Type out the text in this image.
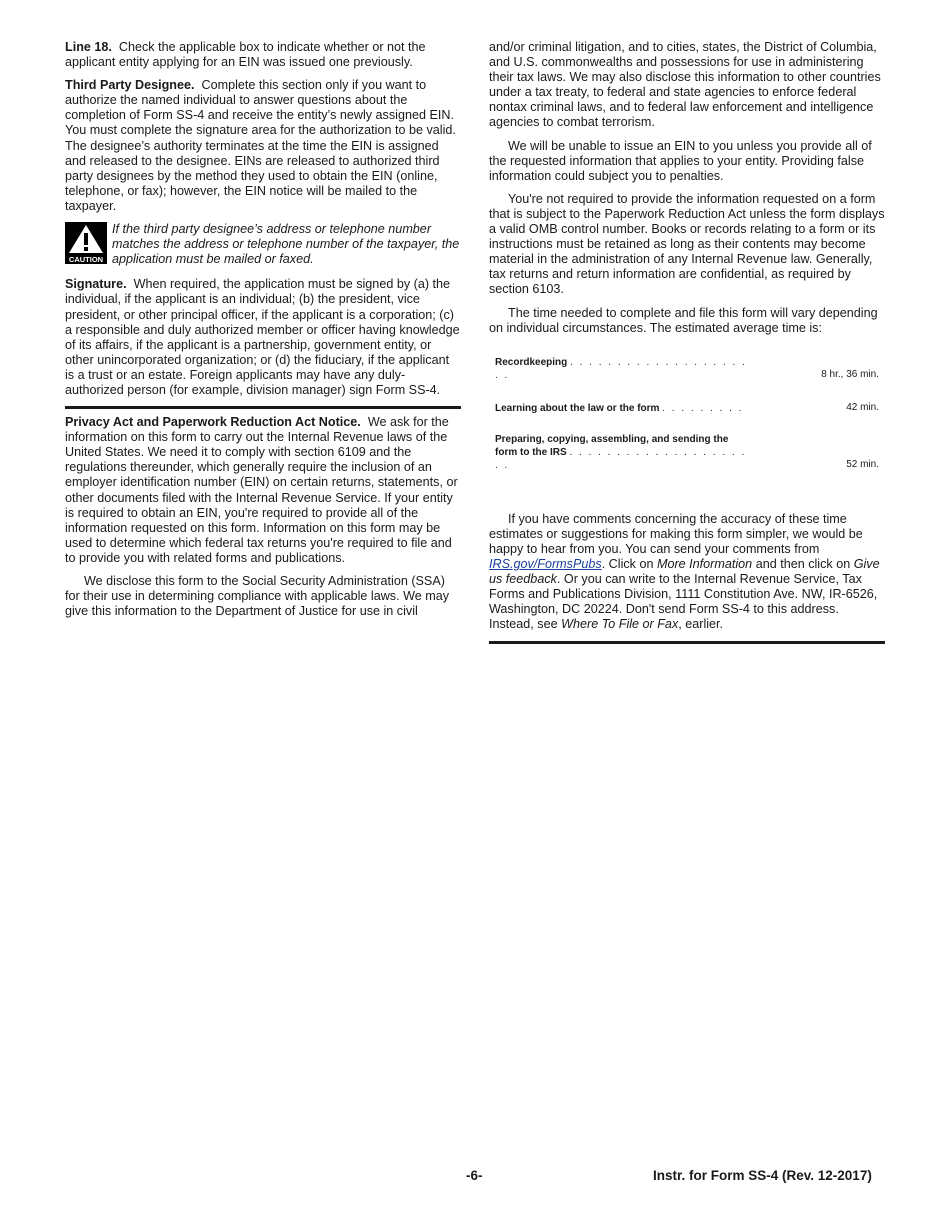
Line 18. Check the applicable box to indicate whether or not the applicant entity applying for an EIN was issued one previously.

Third Party Designee. Complete this section only if you want to authorize the named individual to answer questions about the completion of Form SS-4 and receive the entity’s newly assigned EIN. You must complete the signature area for the authorization to be valid. The designee’s authority terminates at the time the EIN is assigned and released to the designee. EINs are released to authorized third party designees by the method they used to obtain the EIN (online, telephone, or fax); however, the EIN notice will be mailed to the taxpayer.

CAUTION
If the third party designee’s address or telephone number matches the address or telephone number of the taxpayer, the application must be mailed or faxed.

Signature. When required, the application must be signed by (a) the individual, if the applicant is an individual; (b) the president, vice president, or other principal officer, if the applicant is a corporation; (c) a responsible and duly authorized member or officer having knowledge of its affairs, if the applicant is a partnership, government entity, or other unincorporated organization; or (d) the fiduciary, if the applicant is a trust or an estate. Foreign applicants may have any duly-authorized person (for example, division manager) sign Form SS-4.

Privacy Act and Paperwork Reduction Act Notice. We ask for the information on this form to carry out the Internal Revenue laws of the United States. We need it to comply with section 6109 and the regulations thereunder, which generally require the inclusion of an employer identification number (EIN) on certain returns, statements, or other documents filed with the Internal Revenue Service. If your entity is required to obtain an EIN, you're required to provide all of the information requested on this form. Information on this form may be used to determine which federal tax returns you're required to file and to provide you with related forms and publications.

We disclose this form to the Social Security Administration (SSA) for their use in determining compliance with applicable laws. We may give this information to the Department of Justice for use in civil

and/or criminal litigation, and to cities, states, the District of Columbia, and U.S. commonwealths and possessions for use in administering their tax laws. We may also disclose this information to other countries under a tax treaty, to federal and state agencies to enforce federal nontax criminal laws, and to federal law enforcement and intelligence agencies to combat terrorism.

We will be unable to issue an EIN to you unless you provide all of the requested information that applies to your entity. Providing false information could subject you to penalties.

You're not required to provide the information requested on a form that is subject to the Paperwork Reduction Act unless the form displays a valid OMB control number. Books or records relating to a form or its instructions must be retained as long as their contents may become material in the administration of any Internal Revenue law. Generally, tax returns and return information are confidential, as required by section 6103.

The time needed to complete and file this form will vary depending on individual circumstances. The estimated average time is:

Recordkeeping . . . . . . . . . . . . . . . . . . . . .	8 hr., 36 min.
Learning about the law or the form . . . . . . . . .	42 min.
Preparing, copying, assembling, and sending the
form to the IRS . . . . . . . . . . . . . . . . . . . . .	52 min.

If you have comments concerning the accuracy of these time estimates or suggestions for making this form simpler, we would be happy to hear from you. You can send your comments from IRS.gov/FormsPubs. Click on More Information and then click on Give us feedback. Or you can write to the Internal Revenue Service, Tax Forms and Publications Division, 1111 Constitution Ave. NW, IR-6526, Washington, DC 20224. Don't send Form SS-4 to this address. Instead, see Where To File or Fax, earlier.

-6-	Instr. for Form SS-4 (Rev. 12-2017)
